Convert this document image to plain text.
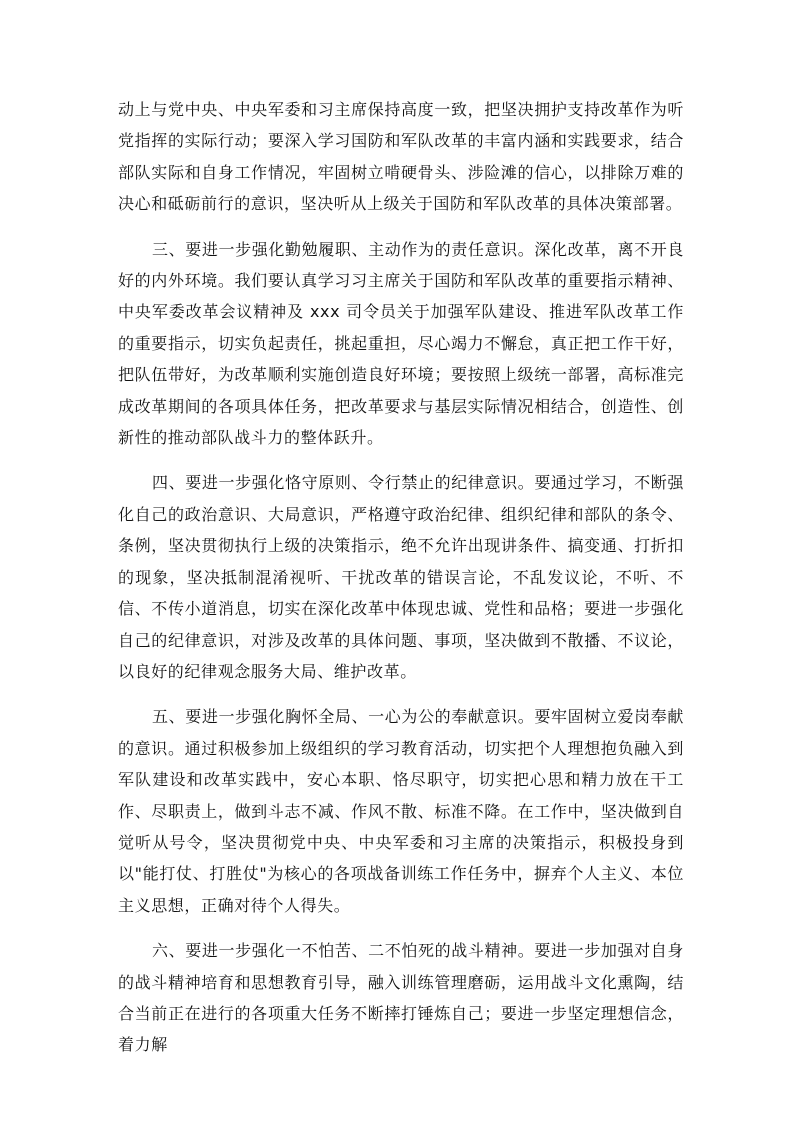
动上与党中央、中央军委和习主席保持高度一致，把坚决拥护支持改革作为听党指挥的实际行动；要深入学习国防和军队改革的丰富内涵和实践要求，结合部队实际和自身工作情况，牢固树立啃硬骨头、涉险滩的信心，以排除万难的决心和砥砺前行的意识，坚决听从上级关于国防和军队改革的具体决策部署。

三、要进一步强化勤勉履职、主动作为的责任意识。深化改革，离不开良好的内外环境。我们要认真学习习主席关于国防和军队改革的重要指示精神、中央军委改革会议精神及 xxx 司令员关于加强军队建设、推进军队改革工作的重要指示，切实负起责任，挑起重担，尽心竭力不懈怠，真正把工作干好，把队伍带好，为改革顺利实施创造良好环境；要按照上级统一部署，高标准完成改革期间的各项具体任务，把改革要求与基层实际情况相结合，创造性、创新性的推动部队战斗力的整体跃升。

四、要进一步强化恪守原则、令行禁止的纪律意识。要通过学习，不断强化自己的政治意识、大局意识，严格遵守政治纪律、组织纪律和部队的条令、条例，坚决贯彻执行上级的决策指示，绝不允许出现讲条件、搞变通、打折扣的现象，坚决抵制混淆视听、干扰改革的错误言论，不乱发议论，不听、不信、不传小道消息，切实在深化改革中体现忠诚、党性和品格；要进一步强化自己的纪律意识，对涉及改革的具体问题、事项，坚决做到不散播、不议论，以良好的纪律观念服务大局、维护改革。

五、要进一步强化胸怀全局、一心为公的奉献意识。要牢固树立爱岗奉献的意识。通过积极参加上级组织的学习教育活动，切实把个人理想抱负融入到军队建设和改革实践中，安心本职、恪尽职守，切实把心思和精力放在干工作、尽职责上，做到斗志不减、作风不散、标准不降。在工作中，坚决做到自觉听从号令，坚决贯彻党中央、中央军委和习主席的决策指示，积极投身到以"能打仗、打胜仗"为核心的各项战备训练工作任务中，摒弃个人主义、本位主义思想，正确对待个人得失。

六、要进一步强化一不怕苦、二不怕死的战斗精神。要进一步加强对自身的战斗精神培育和思想教育引导，融入训练管理磨砺，运用战斗文化熏陶，结合当前正在进行的各项重大任务不断摔打锤炼自己；要进一步坚定理想信念，着力解
